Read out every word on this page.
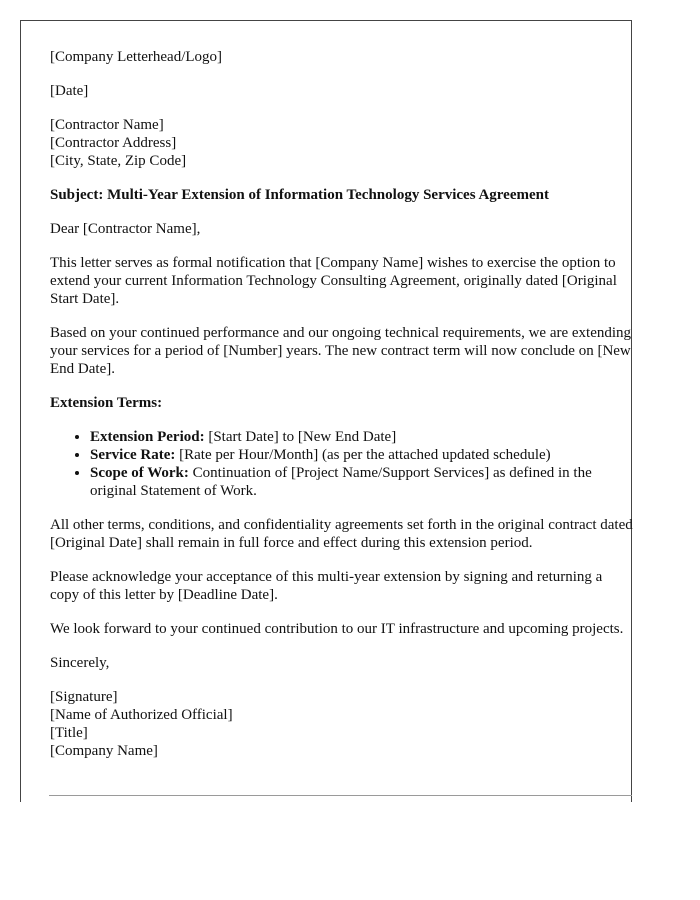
[Company Letterhead/Logo]

[Date]

[Contractor Name]
[Contractor Address]
[City, State, Zip Code]

Subject: Multi-Year Extension of Information Technology Services Agreement

Dear [Contractor Name],

This letter serves as formal notification that [Company Name] wishes to exercise the option to extend your current Information Technology Consulting Agreement, originally dated [Original Start Date].

Based on your continued performance and our ongoing technical requirements, we are extending your services for a period of [Number] years. The new contract term will now conclude on [New End Date].

Extension Terms:

• Extension Period: [Start Date] to [New End Date]
• Service Rate: [Rate per Hour/Month] (as per the attached updated schedule)
• Scope of Work: Continuation of [Project Name/Support Services] as defined in the original Statement of Work.

All other terms, conditions, and confidentiality agreements set forth in the original contract dated [Original Date] shall remain in full force and effect during this extension period.

Please acknowledge your acceptance of this multi-year extension by signing and returning a copy of this letter by [Deadline Date].

We look forward to your continued contribution to our IT infrastructure and upcoming projects.

Sincerely,

[Signature]
[Name of Authorized Official]
[Title]
[Company Name]
